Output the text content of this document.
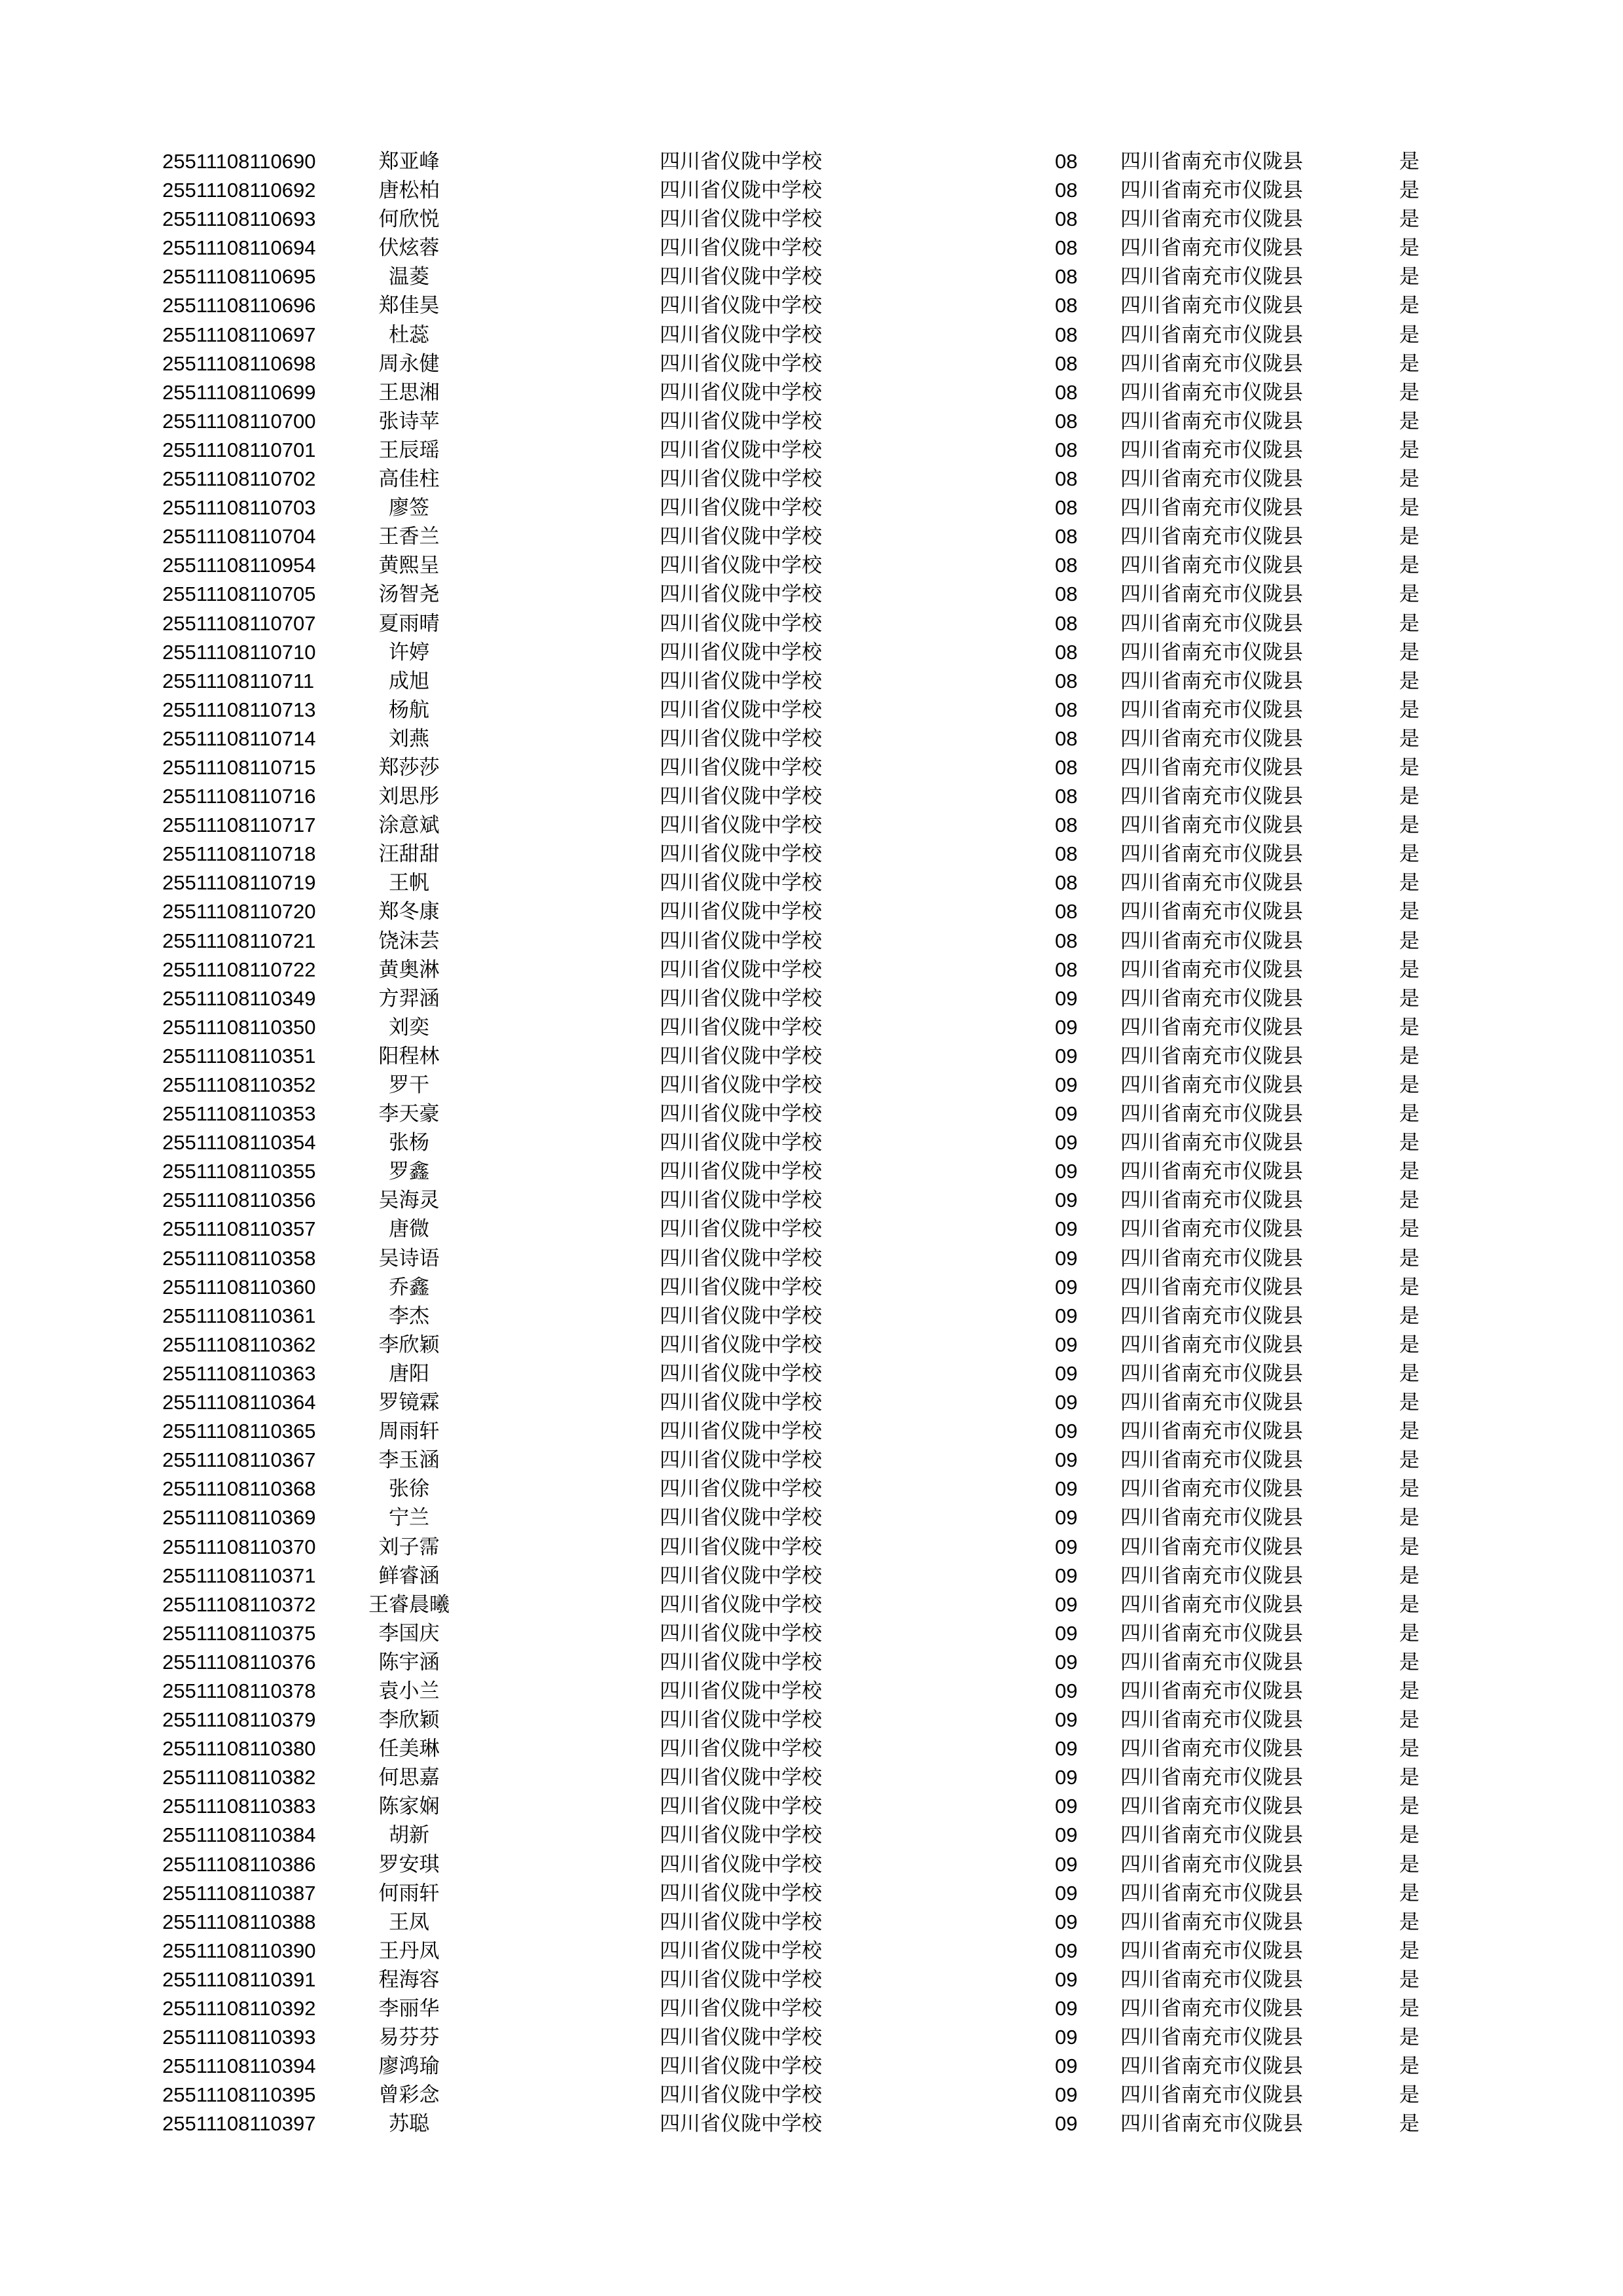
25511108110690	郑亚峰	四川省仪陇中学校	08 四川省南充市仪陇县	是
25511108110692	唐松柏	四川省仪陇中学校	08 四川省南充市仪陇县	是
25511108110693	何欣悦	四川省仪陇中学校	08 四川省南充市仪陇县	是
25511108110694	伏炫蓉	四川省仪陇中学校	08 四川省南充市仪陇县	是
25511108110695	温菱	四川省仪陇中学校	08 四川省南充市仪陇县	是
25511108110696	郑佳昊	四川省仪陇中学校	08 四川省南充市仪陇县	是
25511108110697	杜蕊	四川省仪陇中学校	08 四川省南充市仪陇县	是
25511108110698	周永健	四川省仪陇中学校	08 四川省南充市仪陇县	是
25511108110699	王思湘	四川省仪陇中学校	08 四川省南充市仪陇县	是
25511108110700	张诗苹	四川省仪陇中学校	08 四川省南充市仪陇县	是
25511108110701	王辰瑶	四川省仪陇中学校	08 四川省南充市仪陇县	是
25511108110702	高佳柱	四川省仪陇中学校	08 四川省南充市仪陇县	是
25511108110703	廖签	四川省仪陇中学校	08 四川省南充市仪陇县	是
25511108110704	王香兰	四川省仪陇中学校	08 四川省南充市仪陇县	是
25511108110954	黄熙呈	四川省仪陇中学校	08 四川省南充市仪陇县	是
25511108110705	汤智尧	四川省仪陇中学校	08 四川省南充市仪陇县	是
25511108110707	夏雨晴	四川省仪陇中学校	08 四川省南充市仪陇县	是
25511108110710	许婷	四川省仪陇中学校	08 四川省南充市仪陇县	是
25511108110711	成旭	四川省仪陇中学校	08 四川省南充市仪陇县	是
25511108110713	杨航	四川省仪陇中学校	08 四川省南充市仪陇县	是
25511108110714	刘燕	四川省仪陇中学校	08 四川省南充市仪陇县	是
25511108110715	郑莎莎	四川省仪陇中学校	08 四川省南充市仪陇县	是
25511108110716	刘思彤	四川省仪陇中学校	08 四川省南充市仪陇县	是
25511108110717	涂意斌	四川省仪陇中学校	08 四川省南充市仪陇县	是
25511108110718	汪甜甜	四川省仪陇中学校	08 四川省南充市仪陇县	是
25511108110719	王帆	四川省仪陇中学校	08 四川省南充市仪陇县	是
25511108110720	郑冬康	四川省仪陇中学校	08 四川省南充市仪陇县	是
25511108110721	饶沫芸	四川省仪陇中学校	08 四川省南充市仪陇县	是
25511108110722	黄奥淋	四川省仪陇中学校	08 四川省南充市仪陇县	是
25511108110349	方羿涵	四川省仪陇中学校	09 四川省南充市仪陇县	是
25511108110350	刘奕	四川省仪陇中学校	09 四川省南充市仪陇县	是
25511108110351	阳程林	四川省仪陇中学校	09 四川省南充市仪陇县	是
25511108110352	罗干	四川省仪陇中学校	09 四川省南充市仪陇县	是
25511108110353	李天豪	四川省仪陇中学校	09 四川省南充市仪陇县	是
25511108110354	张杨	四川省仪陇中学校	09 四川省南充市仪陇县	是
25511108110355	罗鑫	四川省仪陇中学校	09 四川省南充市仪陇县	是
25511108110356	吴海灵	四川省仪陇中学校	09 四川省南充市仪陇县	是
25511108110357	唐微	四川省仪陇中学校	09 四川省南充市仪陇县	是
25511108110358	吴诗语	四川省仪陇中学校	09 四川省南充市仪陇县	是
25511108110360	乔鑫	四川省仪陇中学校	09 四川省南充市仪陇县	是
25511108110361	李杰	四川省仪陇中学校	09 四川省南充市仪陇县	是
25511108110362	李欣颖	四川省仪陇中学校	09 四川省南充市仪陇县	是
25511108110363	唐阳	四川省仪陇中学校	09 四川省南充市仪陇县	是
25511108110364	罗镜霖	四川省仪陇中学校	09 四川省南充市仪陇县	是
25511108110365	周雨轩	四川省仪陇中学校	09 四川省南充市仪陇县	是
25511108110367	李玉涵	四川省仪陇中学校	09 四川省南充市仪陇县	是
25511108110368	张徐	四川省仪陇中学校	09 四川省南充市仪陇县	是
25511108110369	宁兰	四川省仪陇中学校	09 四川省南充市仪陇县	是
25511108110370	刘子霈	四川省仪陇中学校	09 四川省南充市仪陇县	是
25511108110371	鲜睿涵	四川省仪陇中学校	09 四川省南充市仪陇县	是
25511108110372	王睿晨曦	四川省仪陇中学校	09 四川省南充市仪陇县	是
25511108110375	李国庆	四川省仪陇中学校	09 四川省南充市仪陇县	是
25511108110376	陈宇涵	四川省仪陇中学校	09 四川省南充市仪陇县	是
25511108110378	袁小兰	四川省仪陇中学校	09 四川省南充市仪陇县	是
25511108110379	李欣颖	四川省仪陇中学校	09 四川省南充市仪陇县	是
25511108110380	任美琳	四川省仪陇中学校	09 四川省南充市仪陇县	是
25511108110382	何思嘉	四川省仪陇中学校	09 四川省南充市仪陇县	是
25511108110383	陈家娴	四川省仪陇中学校	09 四川省南充市仪陇县	是
25511108110384	胡新	四川省仪陇中学校	09 四川省南充市仪陇县	是
25511108110386	罗安琪	四川省仪陇中学校	09 四川省南充市仪陇县	是
25511108110387	何雨轩	四川省仪陇中学校	09 四川省南充市仪陇县	是
25511108110388	王凤	四川省仪陇中学校	09 四川省南充市仪陇县	是
25511108110390	王丹凤	四川省仪陇中学校	09 四川省南充市仪陇县	是
25511108110391	程海容	四川省仪陇中学校	09 四川省南充市仪陇县	是
25511108110392	李丽华	四川省仪陇中学校	09 四川省南充市仪陇县	是
25511108110393	易芬芬	四川省仪陇中学校	09 四川省南充市仪陇县	是
25511108110394	廖鸿瑜	四川省仪陇中学校	09 四川省南充市仪陇县	是
25511108110395	曾彩念	四川省仪陇中学校	09 四川省南充市仪陇县	是
25511108110397	苏聪	四川省仪陇中学校	09 四川省南充市仪陇县	是
